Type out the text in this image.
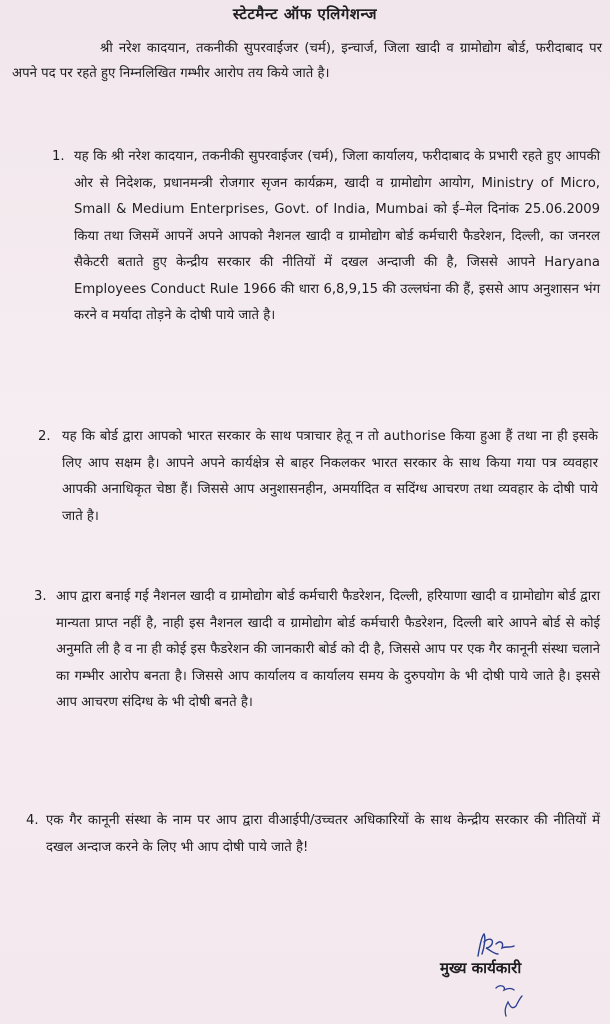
स्टेटमैन्ट ऑफ एलिगेशन्ज
श्री नरेश कादयान, तकनीकी सुपरवाईजर (चर्म), इन्चार्ज, जिला खादी व ग्रामोद्योग बोर्ड, फरीदाबाद पर अपने पद पर रहते हुए निम्नलिखित गम्भीर आरोप तय किये जाते है।
1. यह कि श्री नरेश कादयान, तकनीकी सुपरवाईजर (चर्म), जिला कार्यालय, फरीदाबाद के प्रभारी रहते हुए आपकी ओर से निदेशक, प्रधानमन्त्री रोजगार सृजन कार्यक्रम, खादी व ग्रामोद्योग आयोग, Ministry of Micro, Small & Medium Enterprises, Govt. of India, Mumbai को ई–मेल दिनांक 25.06.2009 किया तथा जिसमें आपनें अपने आपको नैशनल खादी व ग्रामोद्योग बोर्ड कर्मचारी फैडरेशन, दिल्ली, का जनरल सैकेटरी बताते हुए केन्द्रीय सरकार की नीतियों में दखल अन्दाजी की है, जिससे आपने Haryana Employees Conduct Rule 1966 की धारा 6,8,9,15 की उल्लघंना की हैं, इससे आप अनुशासन भंग करने व मर्यादा तोड़ने के दोषी पाये जाते है।
2. यह कि बोर्ड द्वारा आपको भारत सरकार के साथ पत्राचार हेतू न तो authorise किया हुआ हैं तथा ना ही इसके लिए आप सक्षम है। आपने अपने कार्यक्षेत्र से बाहर निकलकर भारत सरकार के साथ किया गया पत्र व्यवहार आपकी अनाधिकृत चेष्ठा हैं। जिससे आप अनुशासनहीन, अमर्यादित व सदिंग्ध आचरण तथा व्यवहार के दोषी पाये जाते है।
3. आप द्वारा बनाई गई नैशनल खादी व ग्रामोद्योग बोर्ड कर्मचारी फैडरेशन, दिल्ली, हरियाणा खादी व ग्रामोद्योग बोर्ड द्वारा मान्यता प्राप्त नहीं है, नाही इस नैशनल खादी व ग्रामोद्योग बोर्ड कर्मचारी फैडरेशन, दिल्ली बारे आपने बोर्ड से कोई अनुमति ली है व ना ही कोई इस फैडरेशन की जानकारी बोर्ड को दी है, जिससे आप पर एक गैर कानूनी संस्था चलाने का गम्भीर आरोप बनता है। जिससे आप कार्यालय व कार्यालय समय के दुरुपयोग के भी दोषी पाये जाते है। इससे आप आचरण संदिग्ध के भी दोषी बनते है।
4. एक गैर कानूनी संस्था के नाम पर आप द्वारा वीआईपी/उच्चतर अधिकारियों के साथ केन्द्रीय सरकार की नीतियों में दखल अन्दाज करने के लिए भी आप दोषी पाये जाते है!
मुख्य कार्यकारी
